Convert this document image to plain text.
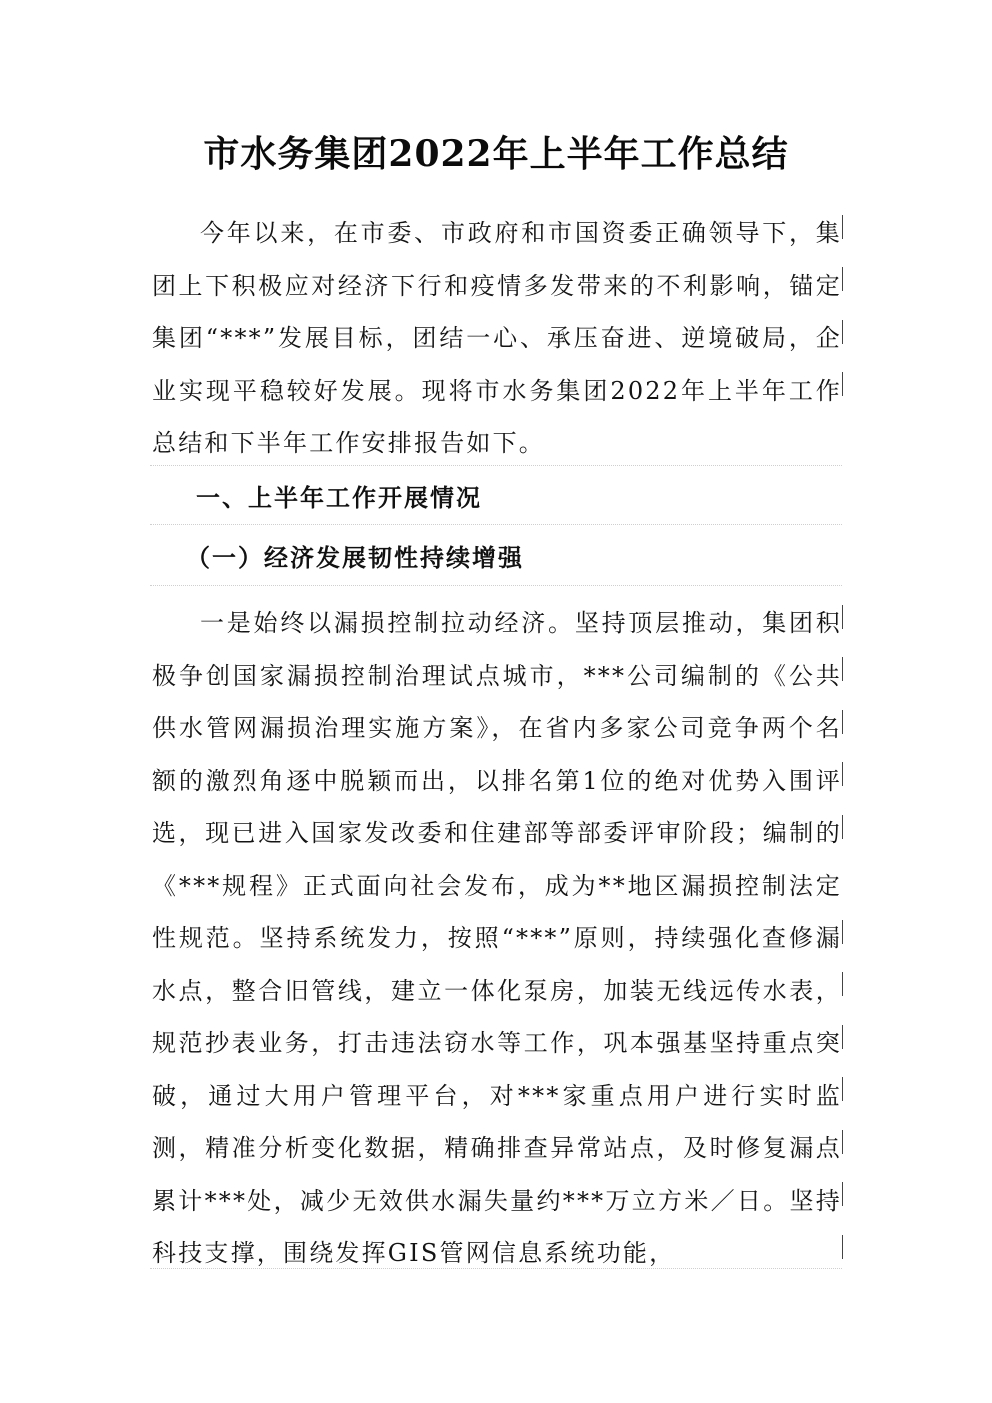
市水务集团2022年上半年工作总结
今年以来，在市委、市政府和市国资委正确领导下，集团上下积极应对经济下行和疫情多发带来的不利影响，锚定集团“***”发展目标，团结一心、承压奋进、逆境破局，企业实现平稳较好发展。现将市水务集团2022年上半年工作总结和下半年工作安排报告如下。
一、上半年工作开展情况
（一）经济发展韧性持续增强
一是始终以漏损控制拉动经济。坚持顶层推动，集团积极争创国家漏损控制治理试点城市，***公司编制的《公共供水管网漏损治理实施方案》，在省内多家公司竞争两个名额的激烈角逐中脱颖而出，以排名第1位的绝对优势入围评选，现已进入国家发改委和住建部等部委评审阶段；编制的《***规程》正式面向社会发布，成为**地区漏损控制法定性规范。坚持系统发力，按照“***”原则，持续强化查修漏水点，整合旧管线，建立一体化泵房，加装无线远传水表，规范抄表业务，打击违法窃水等工作，巩本强基坚持重点突破，通过大用户管理平台，对***家重点用户进行实时监测，精准分析变化数据，精确排查异常站点，及时修复漏点累计***处，减少无效供水漏失量约***万立方米／日。坚持科技支撑，围绕发挥GIS管网信息系统功能，
